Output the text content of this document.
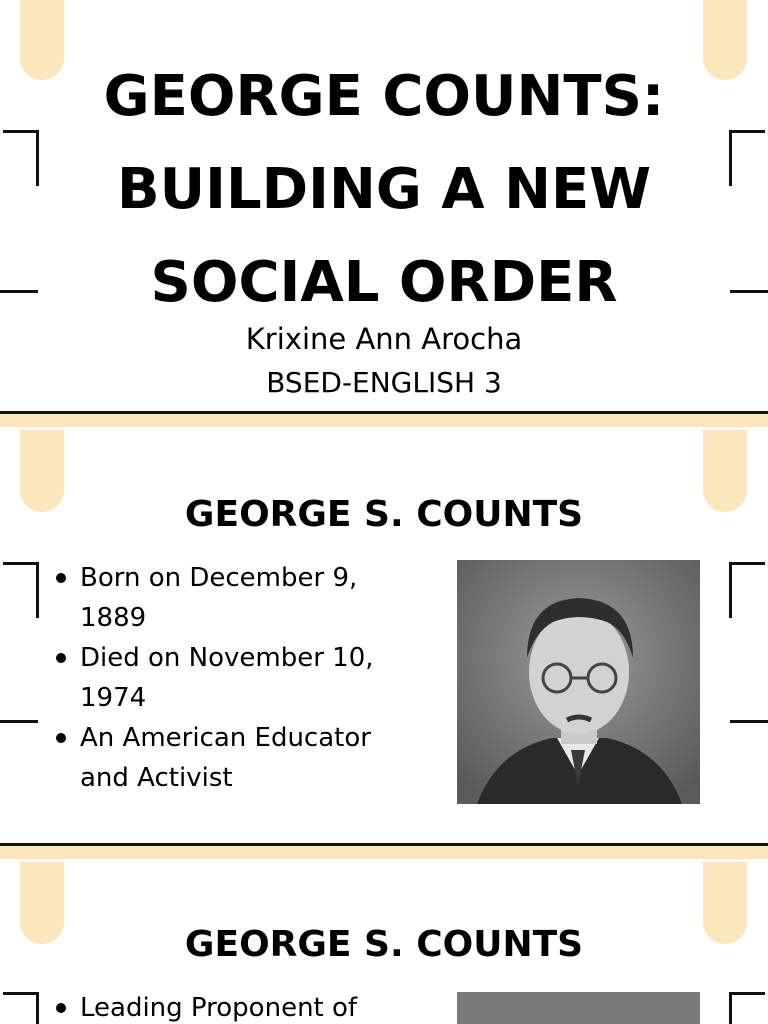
GEORGE COUNTS:
BUILDING A NEW
SOCIAL ORDER
Krixine Ann Arocha
BSED-ENGLISH 3
GEORGE S. COUNTS
Born on December 9, 1889
Died on November 10, 1974
An American Educator and Activist
GEORGE S. COUNTS
Leading Proponent of
